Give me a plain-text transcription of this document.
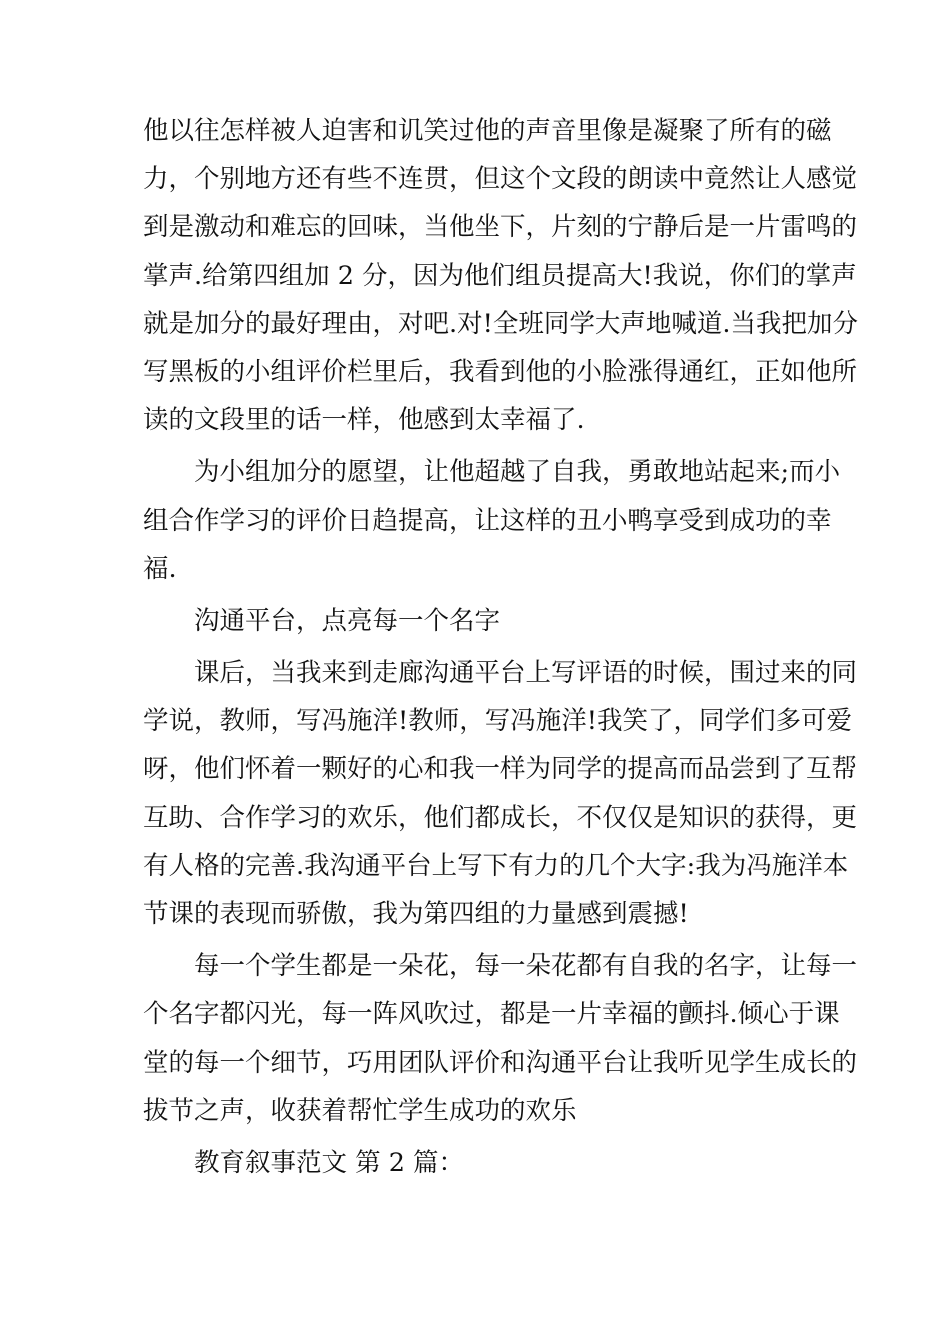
他以往怎样被人迫害和讥笑过他的声音里像是凝聚了所有的磁
力，个别地方还有些不连贯，但这个文段的朗读中竟然让人感觉
到是激动和难忘的回味，当他坐下，片刻的宁静后是一片雷鸣的
掌声.给第四组加 2 分，因为他们组员提高大!我说，你们的掌声
就是加分的最好理由，对吧.对!全班同学大声地喊道.当我把加分
写黑板的小组评价栏里后，我看到他的小脸涨得通红，正如他所
读的文段里的话一样，他感到太幸福了.
为小组加分的愿望，让他超越了自我，勇敢地站起来;而小
组合作学习的评价日趋提高，让这样的丑小鸭享受到成功的幸
福.
沟通平台，点亮每一个名字
课后，当我来到走廊沟通平台上写评语的时候，围过来的同
学说，教师，写冯施洋!教师，写冯施洋!我笑了，同学们多可爱
呀，他们怀着一颗好的心和我一样为同学的提高而品尝到了互帮
互助、合作学习的欢乐，他们都成长，不仅仅是知识的获得，更
有人格的完善.我沟通平台上写下有力的几个大字:我为冯施洋本
节课的表现而骄傲，我为第四组的力量感到震撼!
每一个学生都是一朵花，每一朵花都有自我的名字，让每一
个名字都闪光，每一阵风吹过，都是一片幸福的颤抖.倾心于课
堂的每一个细节，巧用团队评价和沟通平台让我听见学生成长的
拔节之声，收获着帮忙学生成功的欢乐
教育叙事范文 第 2 篇：
